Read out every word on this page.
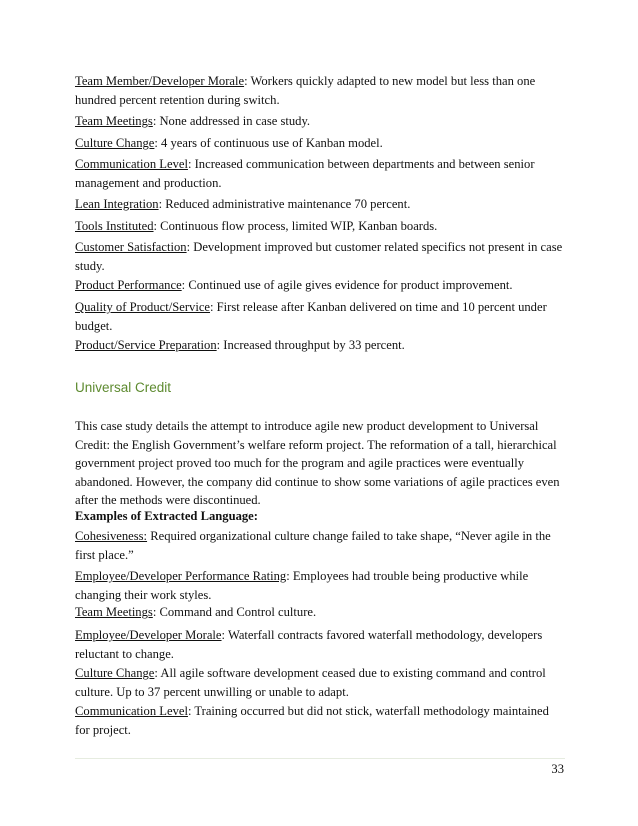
Team Member/Developer Morale: Workers quickly adapted to new model but less than one hundred percent retention during switch.
Team Meetings: None addressed in case study.
Culture Change: 4 years of continuous use of Kanban model.
Communication Level: Increased communication between departments and between senior management and production.
Lean Integration: Reduced administrative maintenance 70 percent.
Tools Instituted: Continuous flow process, limited WIP, Kanban boards.
Customer Satisfaction: Development improved but customer related specifics not present in case study.
Product Performance: Continued use of agile gives evidence for product improvement.
Quality of Product/Service: First release after Kanban delivered on time and 10 percent under budget.
Product/Service Preparation: Increased throughput by 33 percent.
Universal Credit
This case study details the attempt to introduce agile new product development to Universal Credit: the English Government’s welfare reform project. The reformation of a tall, hierarchical government project proved too much for the program and agile practices were eventually abandoned. However, the company did continue to show some variations of agile practices even after the methods were discontinued.
Examples of Extracted Language:
Cohesiveness: Required organizational culture change failed to take shape, “Never agile in the first place.”
Employee/Developer Performance Rating: Employees had trouble being productive while changing their work styles.
Team Meetings: Command and Control culture.
Employee/Developer Morale: Waterfall contracts favored waterfall methodology, developers reluctant to change.
Culture Change: All agile software development ceased due to existing command and control culture. Up to 37 percent unwilling or unable to adapt.
Communication Level: Training occurred but did not stick, waterfall methodology maintained for project.
33
